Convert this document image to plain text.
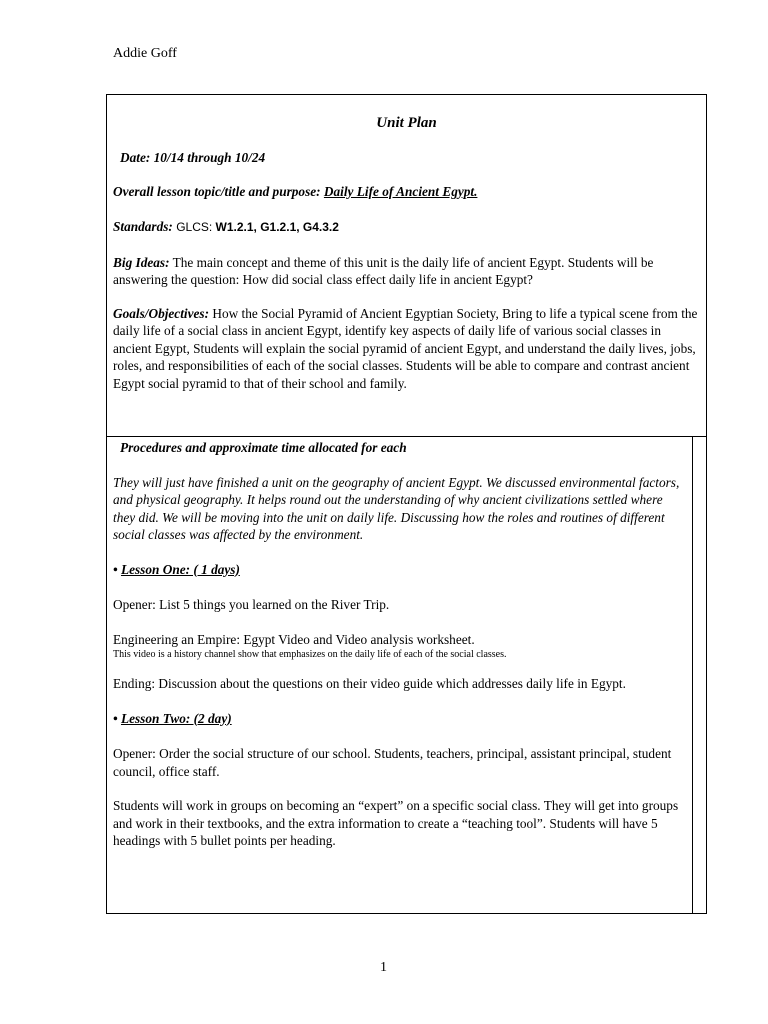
Addie Goff
Unit Plan

Date: 10/14 through 10/24

Overall lesson topic/title and purpose: Daily Life of Ancient Egypt.

Standards: GLCS: W1.2.1, G1.2.1, G4.3.2

Big Ideas: The main concept and theme of this unit is the daily life of ancient Egypt. Students will be answering the question: How did social class effect daily life in ancient Egypt?

Goals/Objectives: How the Social Pyramid of Ancient Egyptian Society, Bring to life a typical scene from the daily life of a social class in ancient Egypt, identify key aspects of daily life of various social classes in ancient Egypt, Students will explain the social pyramid of ancient Egypt, and understand the daily lives, jobs, roles, and responsibilities of each of the social classes. Students will be able to compare and contrast ancient Egypt social pyramid to that of their school and family.

Procedures and approximate time allocated for each

They will just have finished a unit on the geography of ancient Egypt. We discussed environmental factors, and physical geography. It helps round out the understanding of why ancient civilizations settled where they did. We will be moving into the unit on daily life. Discussing how the roles and routines of different social classes was affected by the environment.

• Lesson One: ( 1 days)

Opener: List 5 things you learned on the River Trip.

Engineering an Empire: Egypt Video and Video analysis worksheet.

This video is a history channel show that emphasizes on the daily life of each of the social classes.

Ending: Discussion about the questions on their video guide which addresses daily life in Egypt.

• Lesson Two: (2 day)

Opener: Order the social structure of our school. Students, teachers, principal, assistant principal, student council, office staff.

Students will work in groups on becoming an “expert” on a specific social class. They will get into groups and work in their textbooks, and the extra information to create a “teaching tool”. Students will have 5 headings with 5 bullet points per heading.

1
